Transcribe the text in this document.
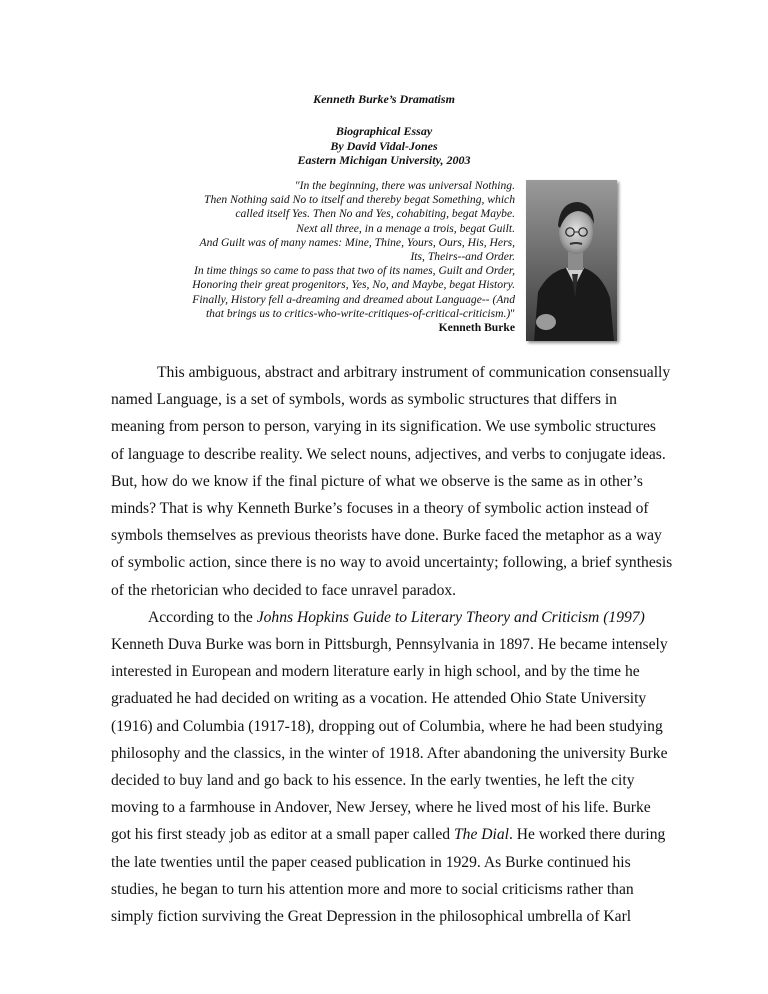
Kenneth Burke’s Dramatism
Biographical Essay
By David Vidal-Jones
Eastern Michigan University, 2003
"In the beginning, there was universal Nothing.
Then Nothing said No to itself and thereby begat Something, which
called itself Yes. Then No and Yes, cohabiting, begat Maybe.
Next all three, in a menage a trois, begat Guilt.
And Guilt was of many names: Mine, Thine, Yours, Ours, His, Hers,
Its, Theirs--and Order.
In time things so came to pass that two of its names, Guilt and Order,
Honoring their great progenitors, Yes, No, and Maybe, begat History.
Finally, History fell a-dreaming and dreamed about Language-- (And
that brings us to critics-who-write-critiques-of-critical-criticism.)"
Kenneth Burke
This ambiguous, abstract and arbitrary instrument of communication consensually
named Language, is a set of symbols, words as symbolic structures that differs in
meaning from person to person, varying in its signification. We use symbolic structures
of language to describe reality. We select nouns, adjectives, and verbs to conjugate ideas.
But, how do we know if the final picture of what we observe is the same as in other’s
minds? That is why Kenneth Burke’s focuses in a theory of symbolic action instead of
symbols themselves as previous theorists have done. Burke faced the metaphor as a way
of symbolic action, since there is no way to avoid uncertainty; following, a brief synthesis
of the rhetorician who decided to face unravel paradox.
According to the Johns Hopkins Guide to Literary Theory and Criticism (1997)
Kenneth Duva Burke was born in Pittsburgh, Pennsylvania in 1897. He became intensely
interested in European and modern literature early in high school, and by the time he
graduated he had decided on writing as a vocation. He attended Ohio State University
(1916) and Columbia (1917-18), dropping out of Columbia, where he had been studying
philosophy and the classics, in the winter of 1918. After abandoning the university Burke
decided to buy land and go back to his essence. In the early twenties, he left the city
moving to a farmhouse in Andover, New Jersey, where he lived most of his life. Burke
got his first steady job as editor at a small paper called The Dial. He worked there during
the late twenties until the paper ceased publication in 1929. As Burke continued his
studies, he began to turn his attention more and more to social criticisms rather than
simply fiction surviving the Great Depression in the philosophical umbrella of Karl
